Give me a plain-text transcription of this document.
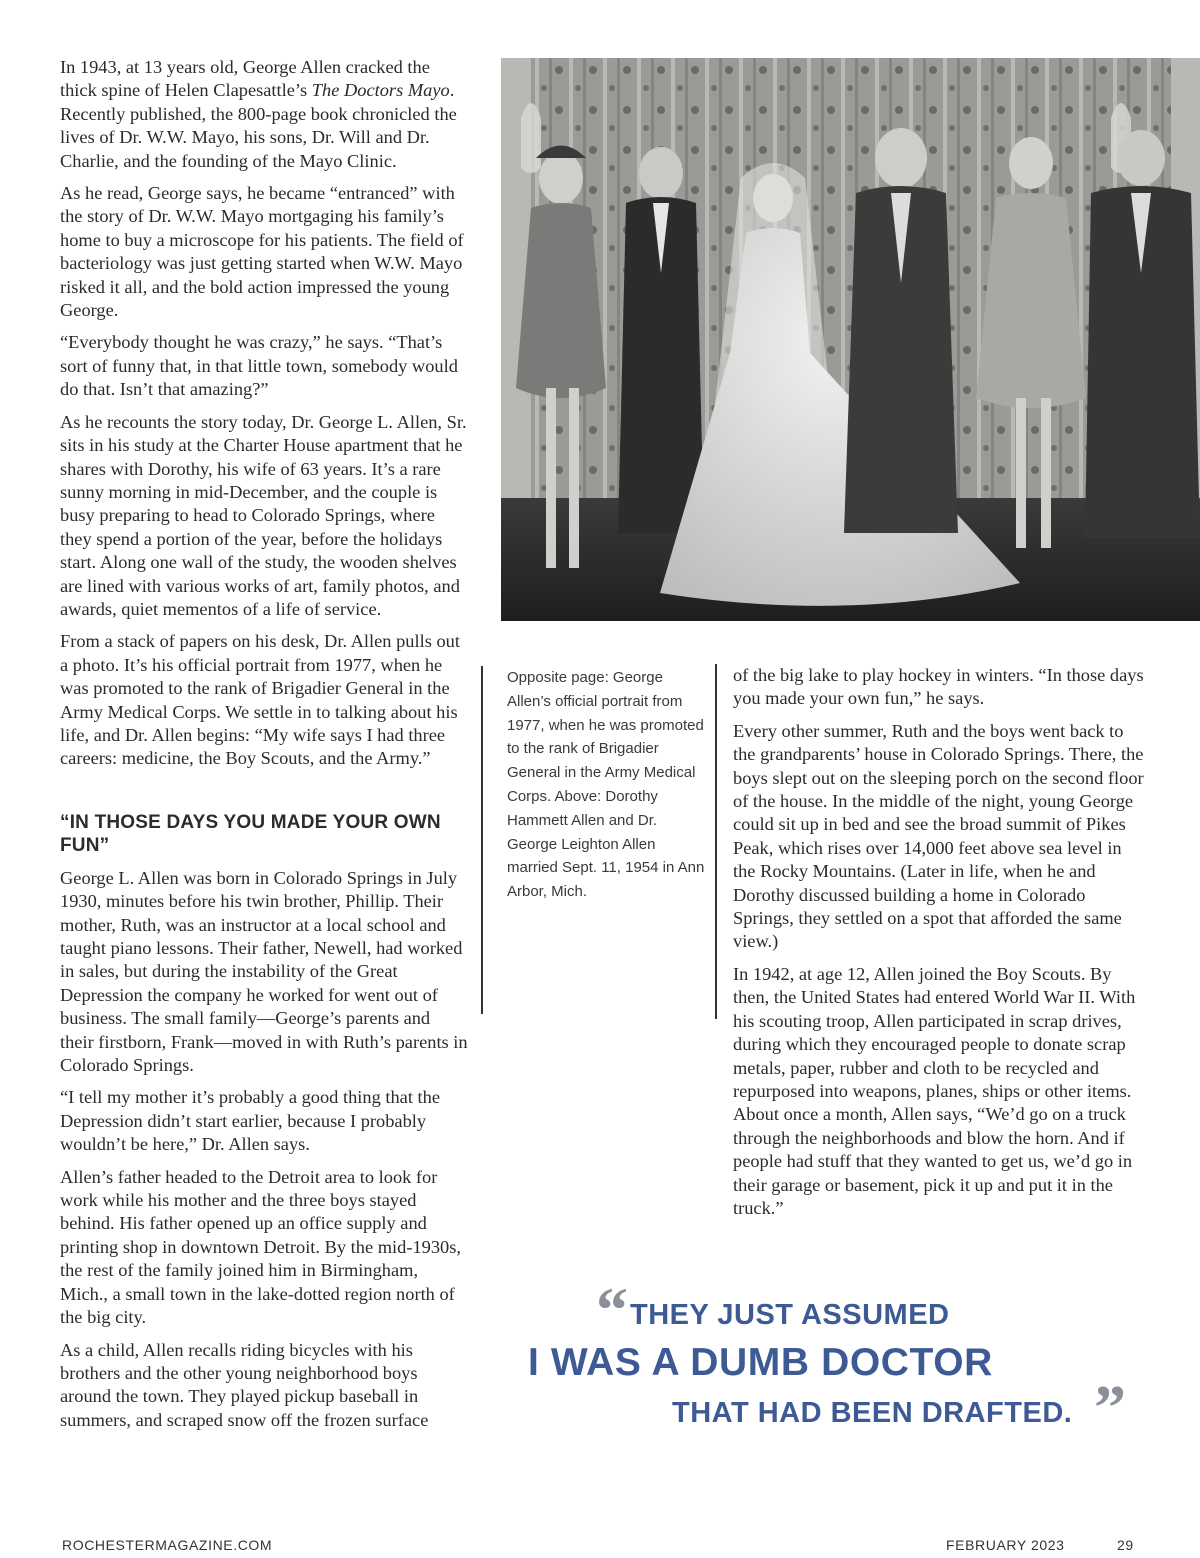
In 1943, at 13 years old, George Allen cracked the thick spine of Helen Clapesattle’s The Doctors Mayo. Recently published, the 800-page book chronicled the lives of Dr. W.W. Mayo, his sons, Dr. Will and Dr. Charlie, and the founding of the Mayo Clinic.

As he read, George says, he became “entranced” with the story of Dr. W.W. Mayo mortgaging his family’s home to buy a microscope for his patients. The field of bacteriology was just getting started when W.W. Mayo risked it all, and the bold action impressed the young George.

“Everybody thought he was crazy,” he says. “That’s sort of funny that, in that little town, somebody would do that. Isn’t that amazing?”

As he recounts the story today, Dr. George L. Allen, Sr. sits in his study at the Charter House apartment that he shares with Dorothy, his wife of 63 years. It’s a rare sunny morning in mid-December, and the couple is busy preparing to head to Colorado Springs, where they spend a portion of the year, before the holidays start. Along one wall of the study, the wooden shelves are lined with various works of art, family photos, and awards, quiet mementos of a life of service.

From a stack of papers on his desk, Dr. Allen pulls out a photo. It’s his official portrait from 1977, when he was promoted to the rank of Brigadier General in the Army Medical Corps. We settle in to talking about his life, and Dr. Allen begins: “My wife says I had three careers: medicine, the Boy Scouts, and the Army.”

“IN THOSE DAYS YOU MADE YOUR OWN FUN”

George L. Allen was born in Colorado Springs in July 1930, minutes before his twin brother, Phillip. Their mother, Ruth, was an instructor at a local school and taught piano lessons. Their father, Newell, had worked in sales, but during the instability of the Great Depression the company he worked for went out of business. The small family—George’s parents and their firstborn, Frank—moved in with Ruth’s parents in Colorado Springs.

“I tell my mother it’s probably a good thing that the Depression didn’t start earlier, because I probably wouldn’t be here,” Dr. Allen says.

Allen’s father headed to the Detroit area to look for work while his mother and the three boys stayed behind. His father opened up an office supply and printing shop in downtown Detroit. By the mid-1930s, the rest of the family joined him in Birmingham, Mich., a small town in the lake-dotted region north of the big city.

As a child, Allen recalls riding bicycles with his brothers and the other young neighborhood boys around the town. They played pickup baseball in summers, and scraped snow off the frozen surface

Opposite page: George Allen’s official portrait from 1977, when he was promoted to the rank of Brigadier General in the Army Medical Corps. Above: Dorothy Hammett Allen and Dr. George Leighton Allen married Sept. 11, 1954 in Ann Arbor, Mich.

of the big lake to play hockey in winters. “In those days you made your own fun,” he says.

Every other summer, Ruth and the boys went back to the grandparents’ house in Colorado Springs. There, the boys slept out on the sleeping porch on the second floor of the house. In the middle of the night, young George could sit up in bed and see the broad summit of Pikes Peak, which rises over 14,000 feet above sea level in the Rocky Mountains. (Later in life, when he and Dorothy discussed building a home in Colorado Springs, they settled on a spot that afforded the same view.)

In 1942, at age 12, Allen joined the Boy Scouts. By then, the United States had entered World War II. With his scouting troop, Allen participated in scrap drives, during which they encouraged people to donate scrap metals, paper, rubber and cloth to be recycled and repurposed into weapons, planes, ships or other items. About once a month, Allen says, “We’d go on a truck through the neighborhoods and blow the horn. And if people had stuff that they wanted to get us, we’d go in their garage or basement, pick it up and put it in the truck.”

“ THEY JUST ASSUMED
I WAS A DUMB DOCTOR
THAT HAD BEEN DRAFTED. ”
ROCHESTERMAGAZINE.COM	FEBRUARY 2023	29
